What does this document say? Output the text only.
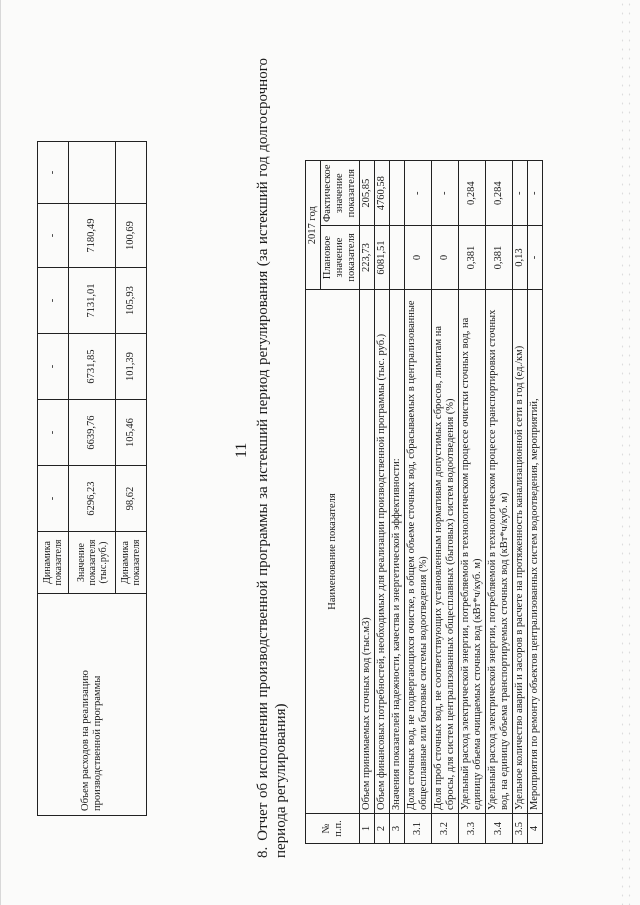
Объем расходов на реализацию производственной программы	Динамика показателя	-	-	-	-	-	-
	Значение показателя (тыс.руб.)	6296,23	6639,76	6731,85	7131,01	7180,49	
	Динамика показателя	98,62	105,46	101,39	105,93	100,69	
11
8.Отчет об исполнении производственной программы за истекший период регулирования (за истекший год долгосрочного периода регулирования)	№ п.п.	Наименование показателя	2017 год	
		Плановое значение показателя	Фактическое значение показателя
1	Объем принимаемых сточных вод (тыс.м3)	223,73	205,85
2	Объем финансовых потребностей, необходимых для реализации производственной программы (тыс. руб.)	6081,51	4760,58
3	Значения показателей надежности, качества и энергетической эффективности:		
3.1	Доля сточных вод, не подвергающихся очистке, в общем объеме сточных вод, сбрасываемых в централизованные общесплавные или бытовые системы водоотведения (%)	0	-
3.2	Доля проб сточных вод, не соответствующих установленным нормативам допустимых сбросов, лимитам на сбросы, для систем централизованных общесплавных (бытовых) систем водоотведения (%)	0	-
3.3	Удельный расход электрической энергии, потребляемой в технологическом процессе очистки сточных вод, на единицу объема очищаемых сточных вод (кВт*ч/куб. м)	0,381	0,284
3.4	Удельный расход электрической энергии, потребляемой в технологическом процессе транспортировки сточных вод, на единицу объема транспортируемых сточных вод (кВт*ч/куб. м)	0,381	0,284
3.5	Удельное количество аварий и засоров в расчете на протяженность канализационной сети в год (ед./км)	0,13	-
4	Мероприятия по ремонту объектов централизованных систем водоотведения, мероприятий,	-	-
